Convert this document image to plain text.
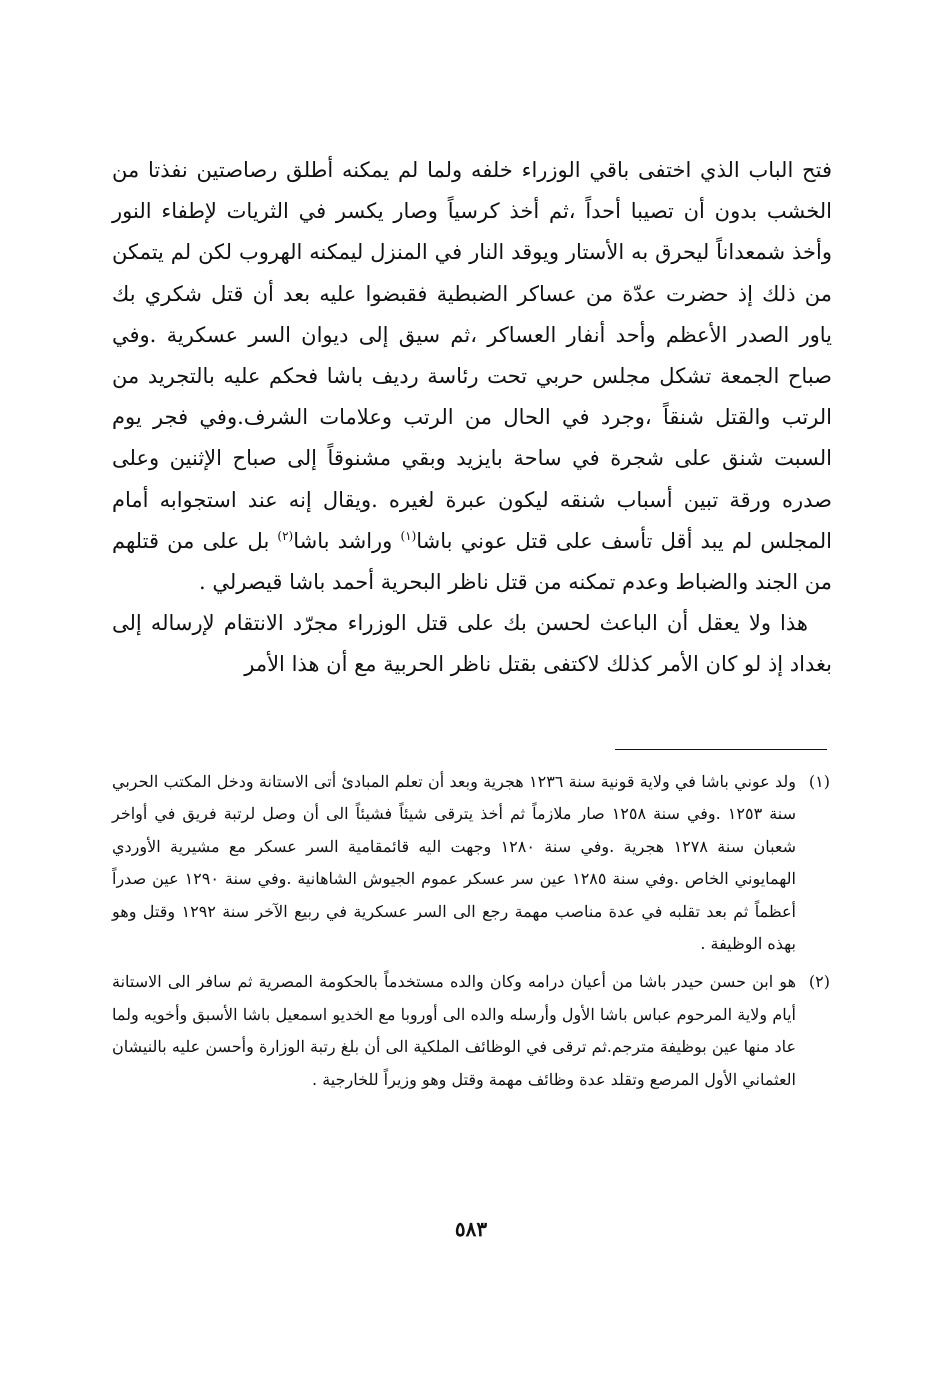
فتح الباب الذي اختفى باقي الوزراء خلفه ولما لم يمكنه أطلق رصاصتين نفذتا من الخشب بدون أن تصيبا أحداً ،ثم أخذ كرسياً وصار يكسر في الثريات لإطفاء النور وأخذ شمعداناً ليحرق به الأستار ويوقد النار في المنزل ليمكنه الهروب لكن لم يتمكن من ذلك إذ حضرت عدّة من عساكر الضبطية فقبضوا عليه بعد أن قتل شكري بك ياور الصدر الأعظم وأحد أنفار العساكر ،ثم سيق إلى ديوان السر عسكرية .وفي صباح الجمعة تشكل مجلس حربي تحت رئاسة رديف باشا فحكم عليه بالتجريد من الرتب والقتل شنقاً ،وجرد في الحال من الرتب وعلامات الشرف.وفي فجر يوم السبت شنق على شجرة في ساحة بايزيد وبقي مشنوقاً إلى صباح الإثنين وعلى صدره ورقة تبين أسباب شنقه ليكون عبرة لغيره .ويقال إنه عند استجوابه أمام المجلس لم يبد أقل تأسف على قتل عوني باشا$^{(١)}$ وراشد باشا$^{(٢)}$ بل على من قتلهم من الجند والضباط وعدم تمكنه من قتل ناظر البحرية أحمد باشا قيصرلي .

هذا ولا يعقل أن الباعث لحسن بك على قتل الوزراء مجرّد الانتقام لإرساله إلى بغداد إذ لو كان الأمر كذلك لاكتفى بقتل ناظر الحربية مع أن هذا الأمر

(١)
ولد عوني باشا في ولاية قونية سنة ١٢٣٦ هجرية وبعد أن تعلم المبادئ أتى الاستانة ودخل المكتب الحربي سنة ١٢٥٣ .وفي سنة ١٢٥٨ صار ملازماً ثم أخذ يترقى شيئاً فشيئاً الى أن وصل لرتبة فريق في أواخر شعبان سنة ١٢٧٨ هجرية .وفي سنة ١٢٨٠ وجهت اليه قائمقامية السر عسكر مع مشيرية الأوردي الهمايوني الخاص .وفي سنة ١٢٨٥ عين سر عسكر عموم الجيوش الشاهانية .وفي سنة ١٢٩٠ عين صدراً أعظماً ثم بعد تقلبه في عدة مناصب مهمة رجع الى السر عسكرية في ربيع الآخر سنة ١٢٩٢ وقتل وهو بهذه الوظيفة .
(٢)
هو ابن حسن حيدر باشا من أعيان درامه وكان والده مستخدماً بالحكومة المصرية ثم سافر الى الاستانة أيام ولاية المرحوم عباس باشا الأول وأرسله والده الى أوروبا مع الخديو اسمعيل باشا الأسبق وأخويه ولما عاد منها عين بوظيفة مترجم.ثم ترقى في الوظائف الملكية الى أن بلغ رتبة الوزارة وأحسن عليه بالنيشان العثماني الأول المرصع وتقلد عدة وظائف مهمة وقتل وهو وزيراً للخارجية .
٥٨٣
